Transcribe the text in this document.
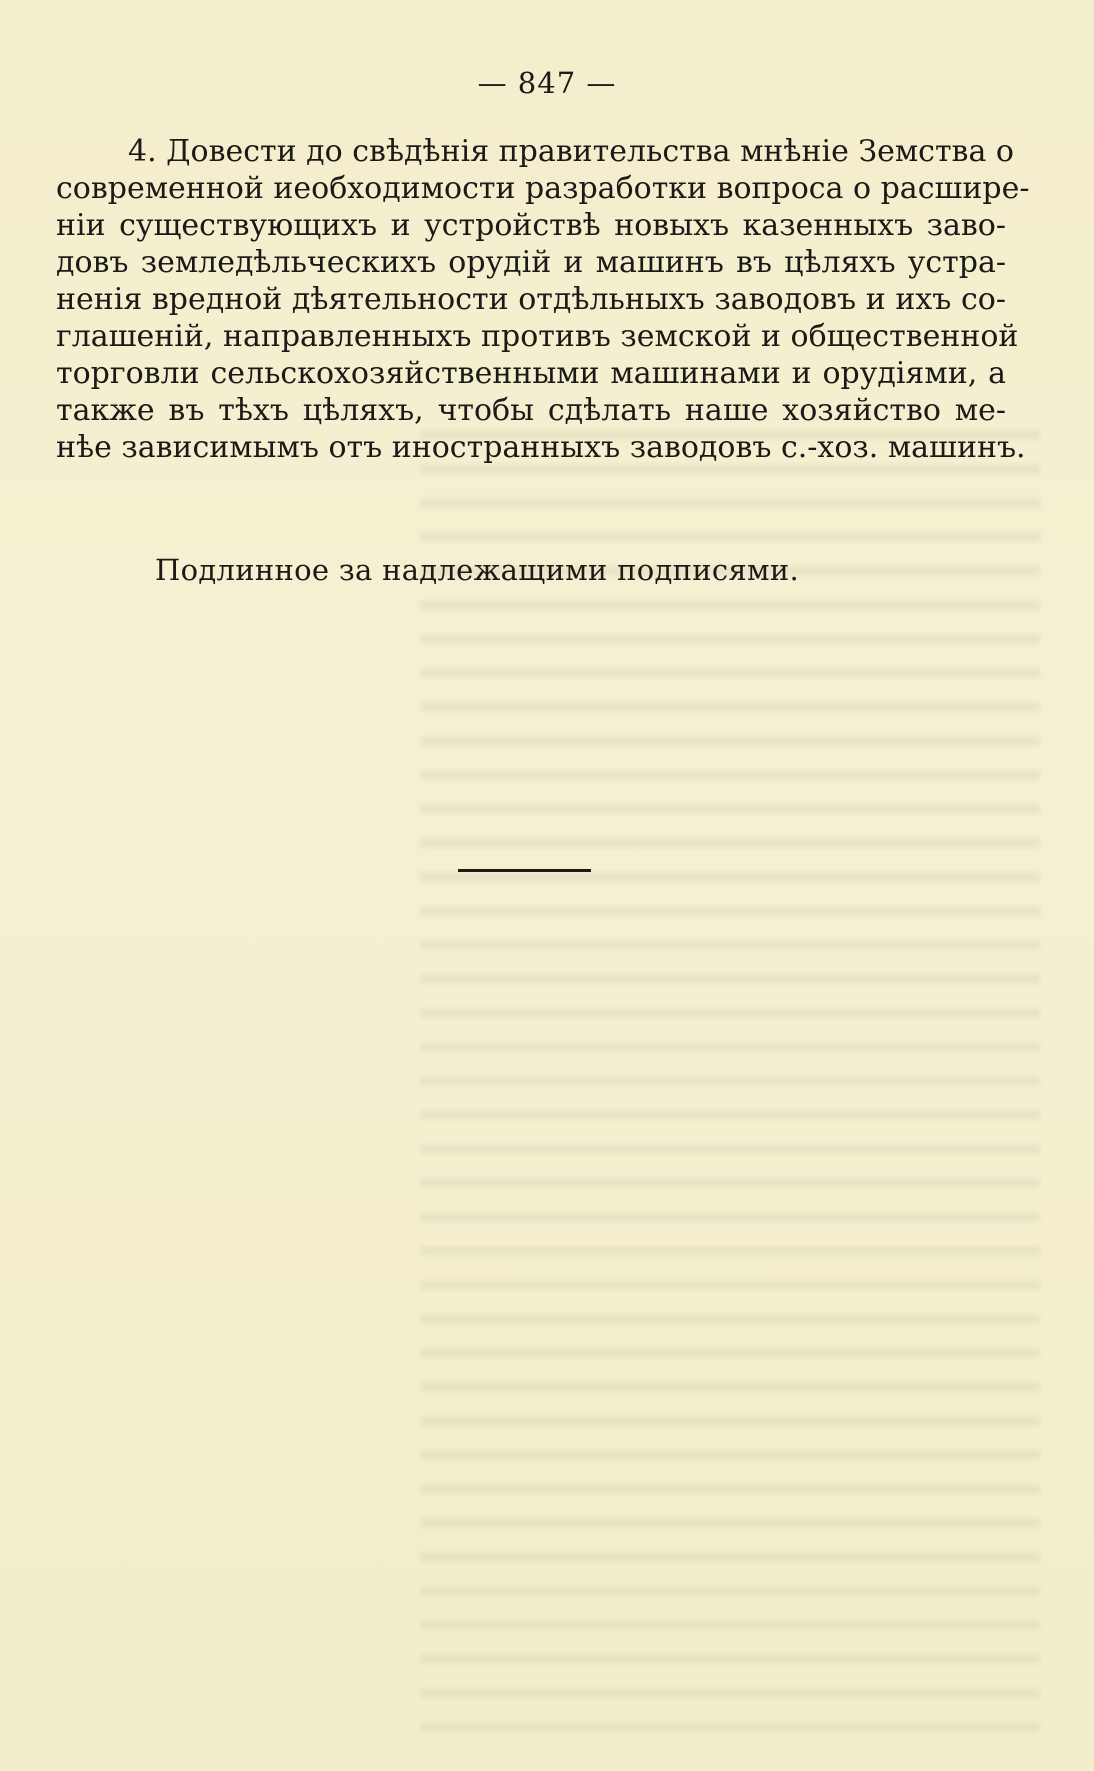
— 847 —
4. Довести до свѣдѣнія правительства мнѣніе Земства о
современной иеобходимости разработки вопроса о расшире-
ніи существующихъ и устройствѣ новыхъ казенныхъ заво-
довъ земледѣльческихъ орудій и машинъ въ цѣляхъ устра-
ненія вредной дѣятельности отдѣльныхъ заводовъ и ихъ со-
глашеній, направленныхъ противъ земской и общественной
торговли сельскохозяйственными машинами и орудіями, а
также въ тѣхъ цѣляхъ, чтобы сдѣлать наше хозяйство ме-
нѣе зависимымъ отъ иностранныхъ заводовъ с.-хоз. машинъ.
Подлинное за надлежащими подписями.
